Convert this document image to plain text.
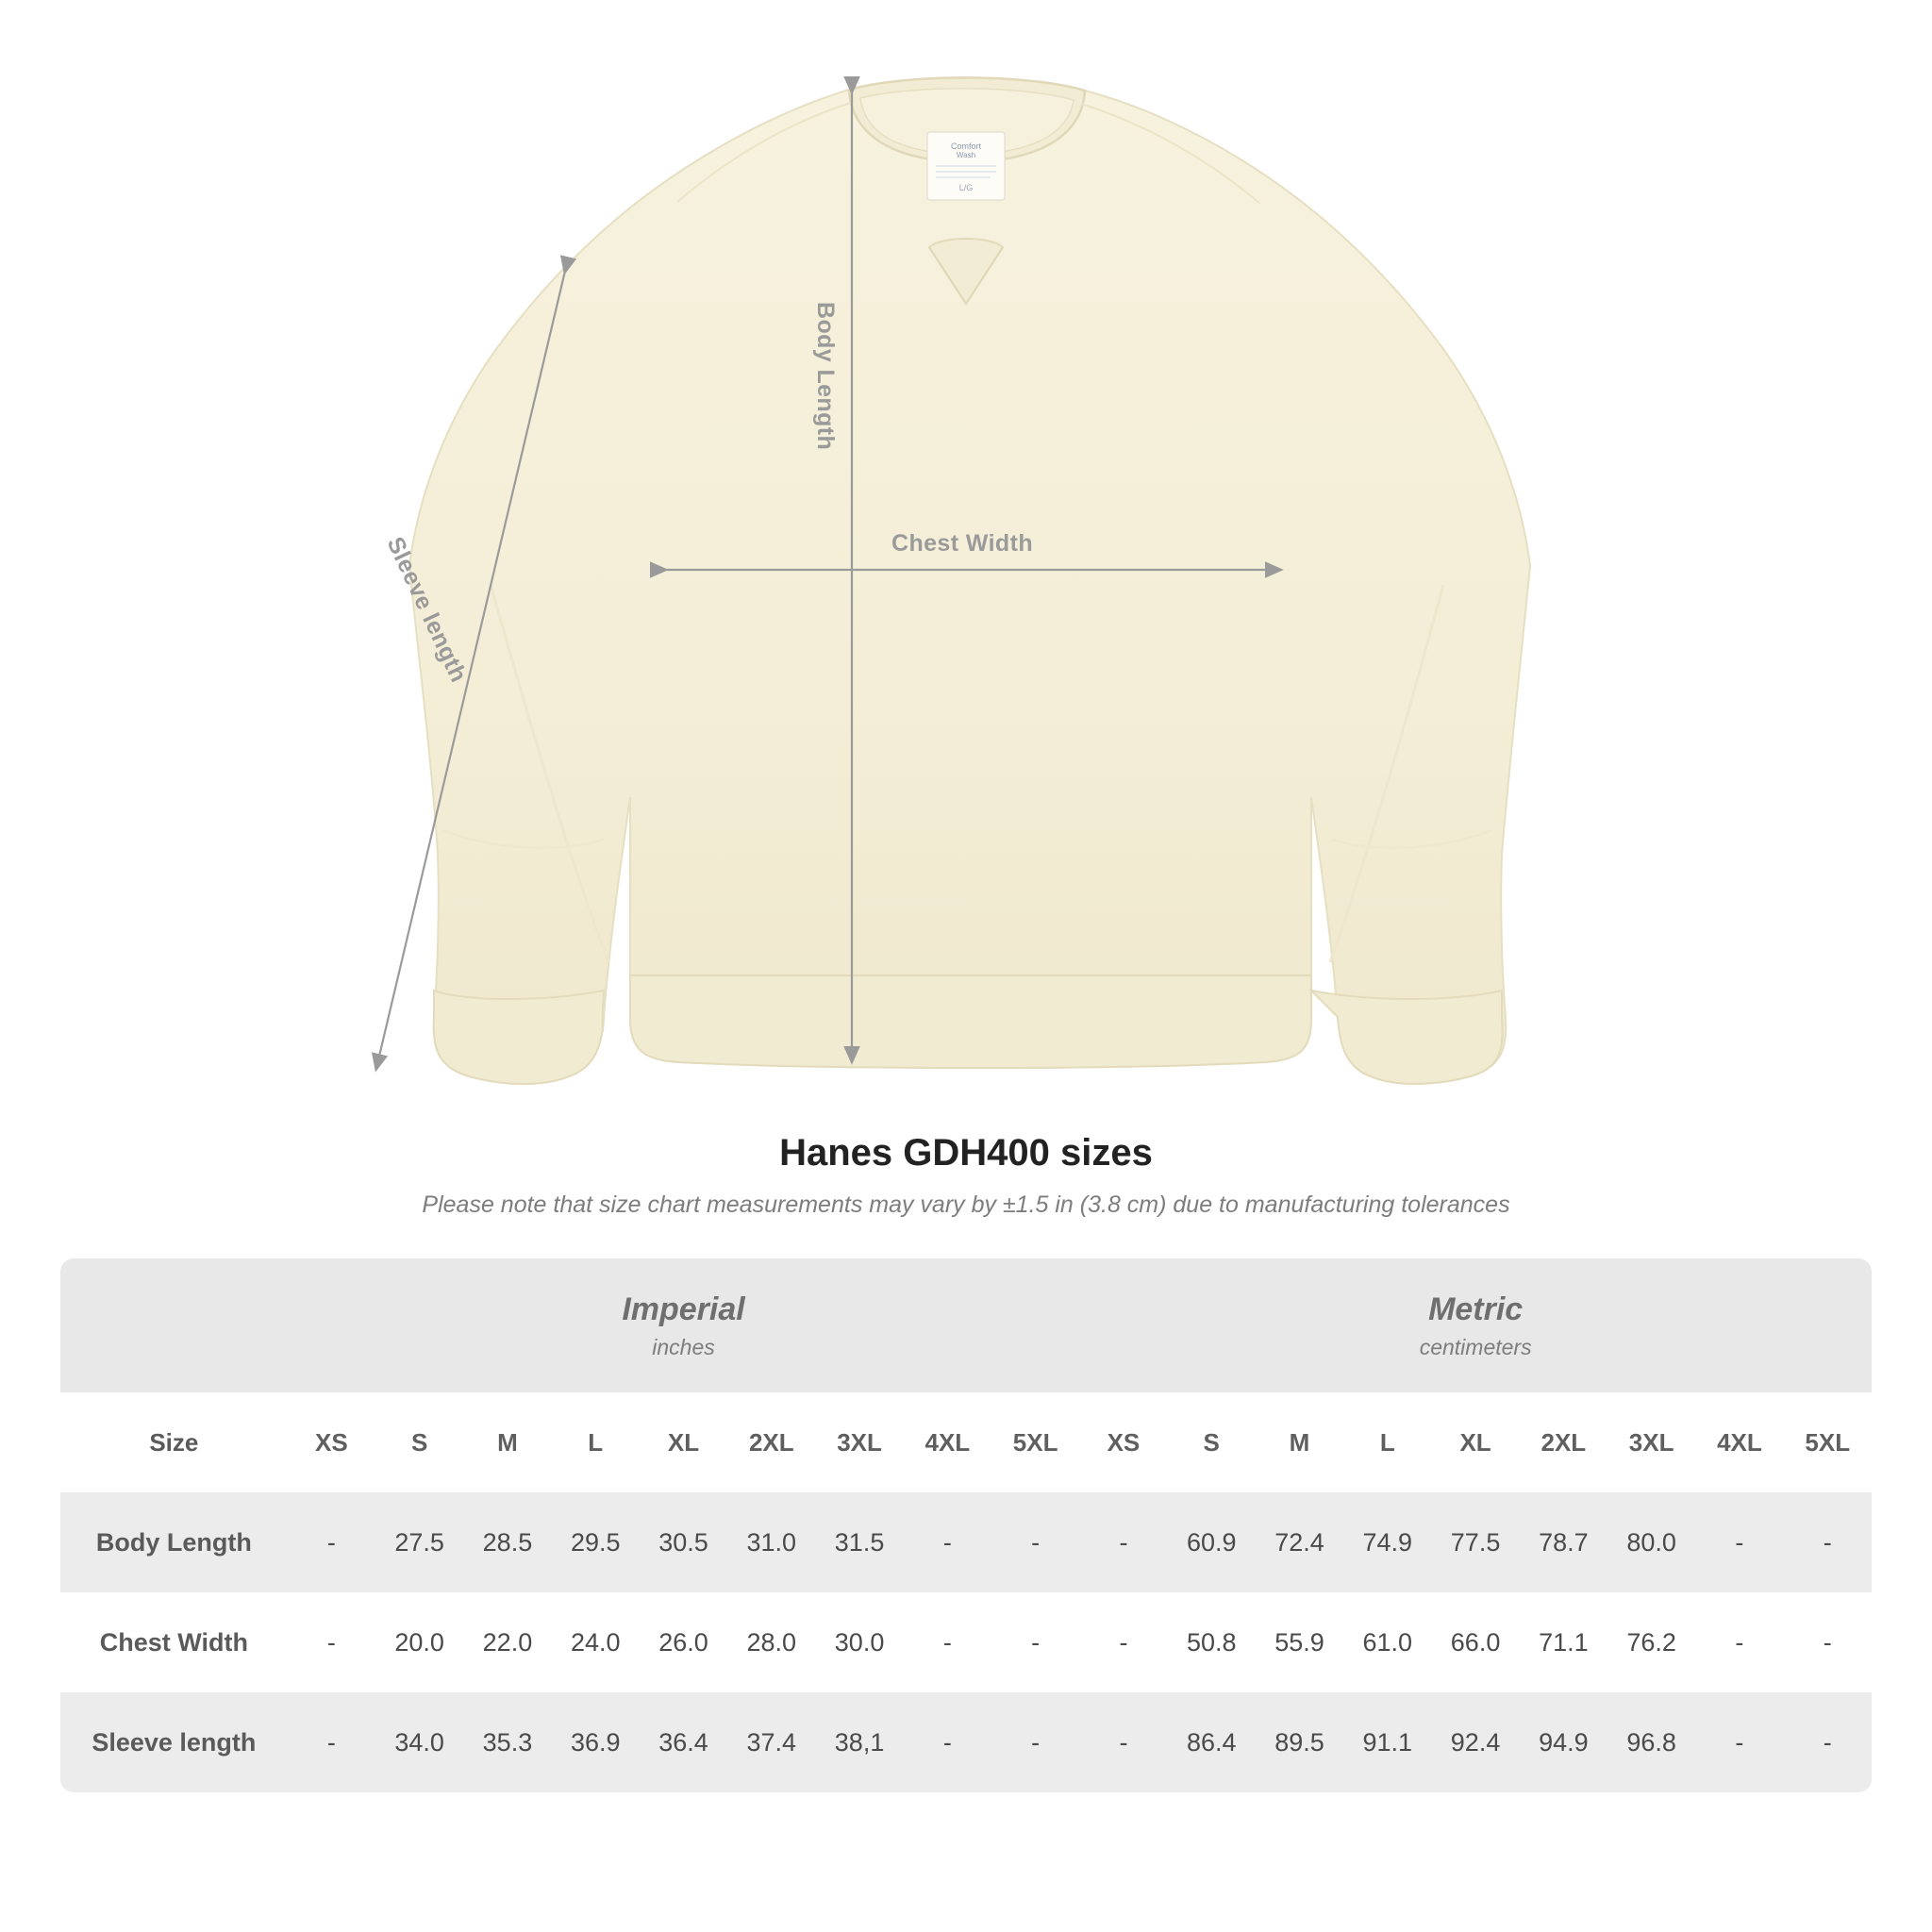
Comfort
Wash
L/G
Body Length
Chest Width
Sleeve length
Hanes GDH400 sizes

Please note that size chart measurements may vary by ±1.5 in (3.8 cm) due to manufacturing tolerances

Imperial
inches

Metric
centimeters

Size	XS	S	M	L	XL	2XL	3XL	4XL	5XL	XS	S	M	L	XL	2XL	3XL	4XL	5XL
Body Length	-	27.5	28.5	29.5	30.5	31.0	31.5	-	-	-	60.9	72.4	74.9	77.5	78.7	80.0	-	-
Chest Width	-	20.0	22.0	24.0	26.0	28.0	30.0	-	-	-	50.8	55.9	61.0	66.0	71.1	76.2	-	-
Sleeve length	-	34.0	35.3	36.9	36.4	37.4	38,1	-	-	-	86.4	89.5	91.1	92.4	94.9	96.8	-	-
